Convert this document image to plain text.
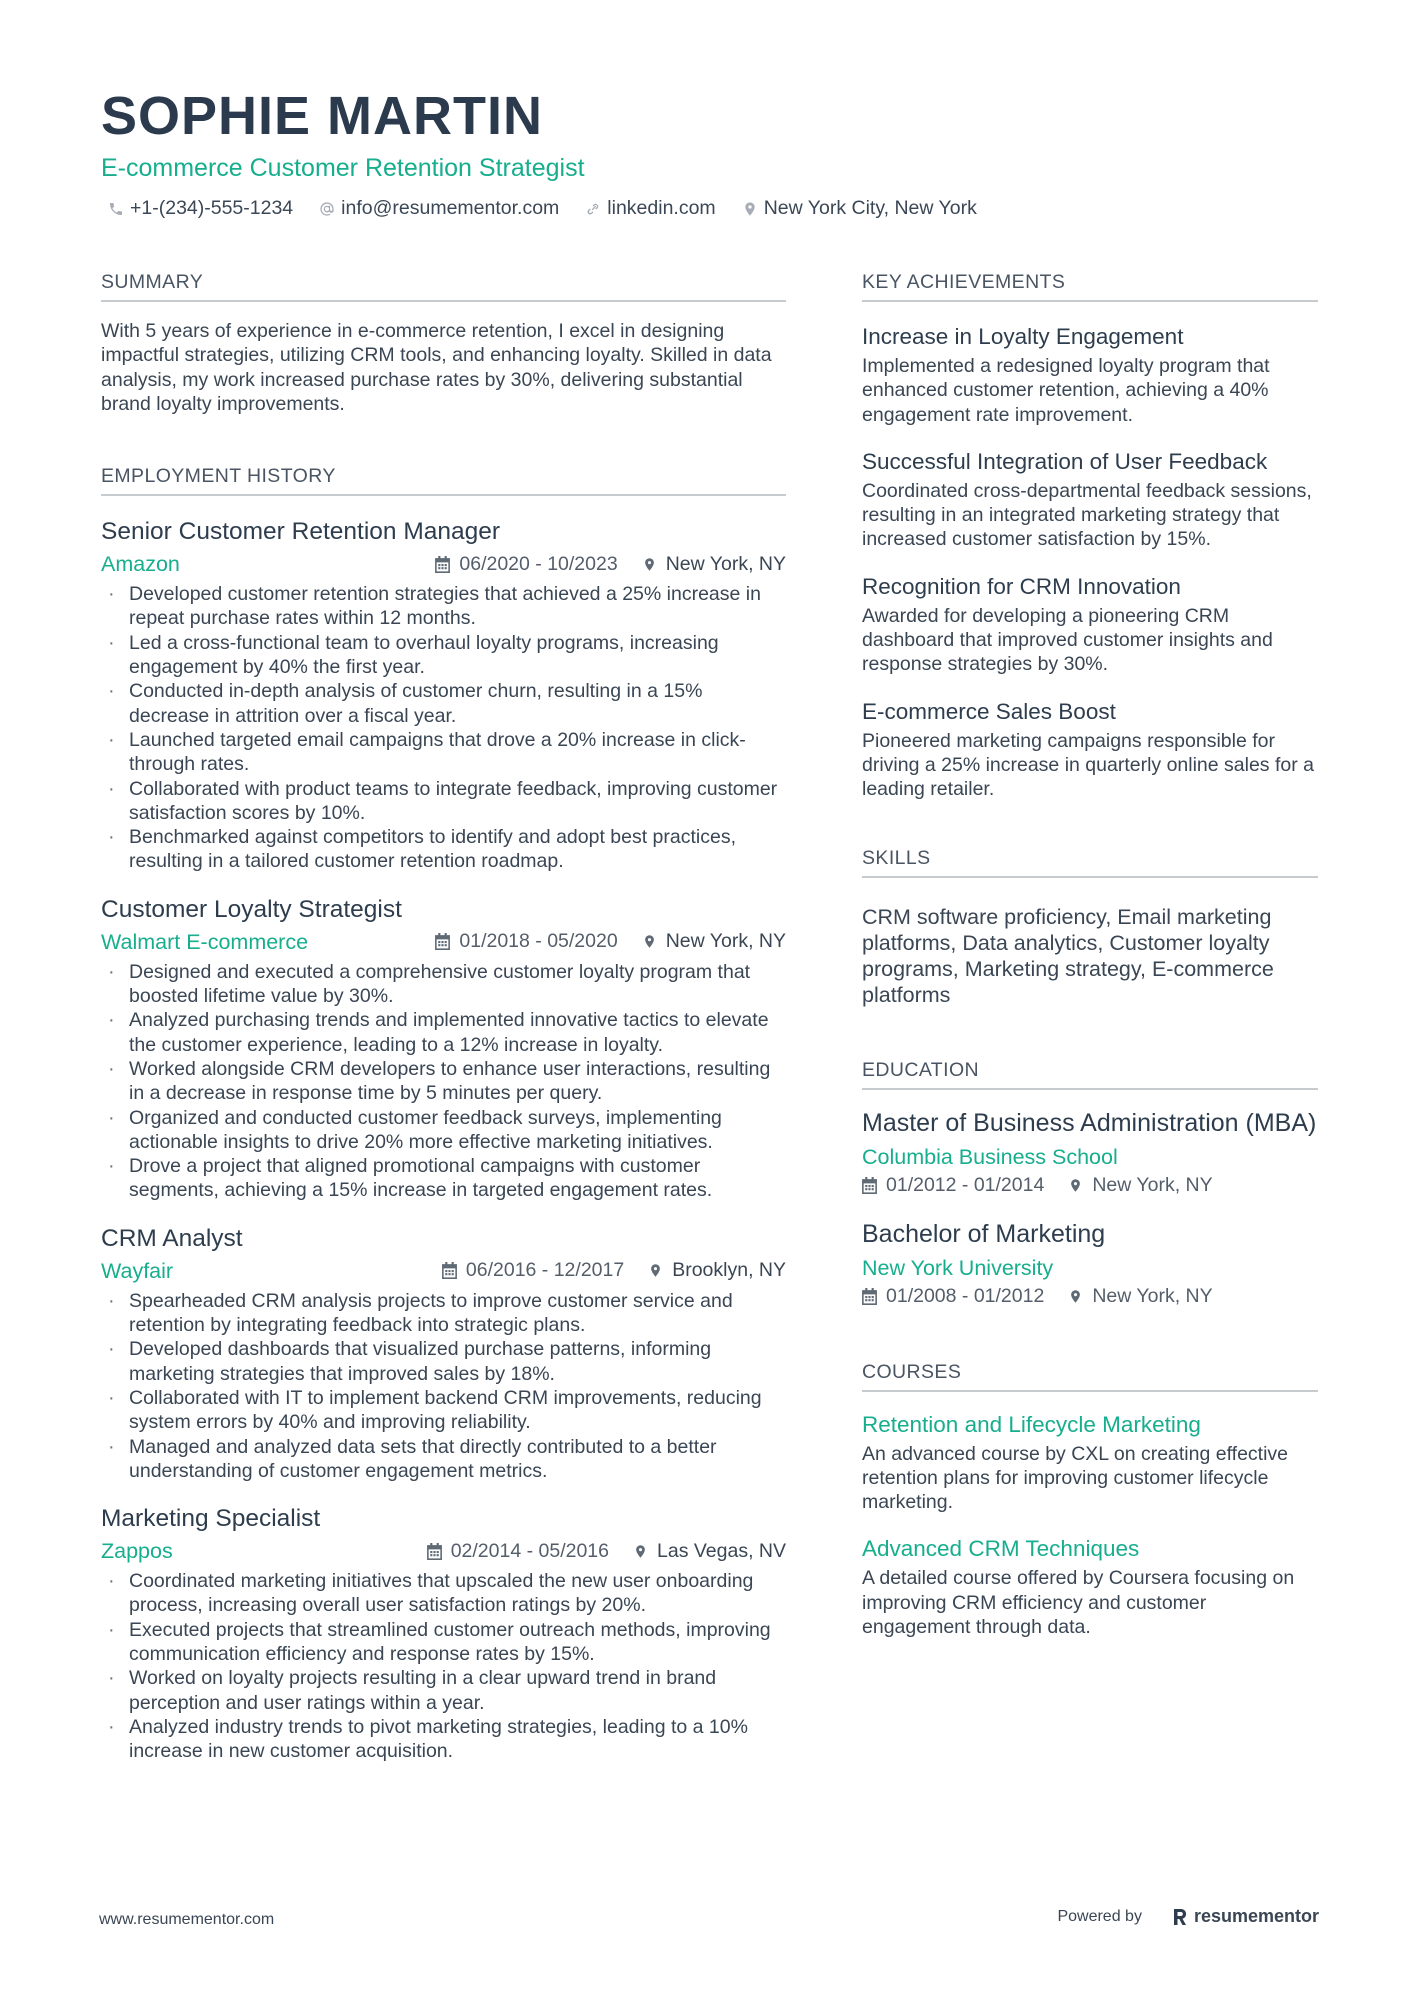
SOPHIE MARTIN
E-commerce Customer Retention Strategist
+1-(234)-555-1234 info@resumementor.com linkedin.com New York City, New York
SUMMARY
With 5 years of experience in e-commerce retention, I excel in designing impactful strategies, utilizing CRM tools, and enhancing loyalty. Skilled in data analysis, my work increased purchase rates by 30%, delivering substantial brand loyalty improvements.
EMPLOYMENT HISTORY
Senior Customer Retention Manager
Amazon	06/2020 - 10/2023 New York, NY
· Developed customer retention strategies that achieved a 25% increase in repeat purchase rates within 12 months.
· Led a cross-functional team to overhaul loyalty programs, increasing engagement by 40% the first year.
· Conducted in-depth analysis of customer churn, resulting in a 15% decrease in attrition over a fiscal year.
· Launched targeted email campaigns that drove a 20% increase in click-through rates.
· Collaborated with product teams to integrate feedback, improving customer satisfaction scores by 10%.
· Benchmarked against competitors to identify and adopt best practices, resulting in a tailored customer retention roadmap.
Customer Loyalty Strategist
Walmart E-commerce	01/2018 - 05/2020 New York, NY
· Designed and executed a comprehensive customer loyalty program that boosted lifetime value by 30%.
· Analyzed purchasing trends and implemented innovative tactics to elevate the customer experience, leading to a 12% increase in loyalty.
· Worked alongside CRM developers to enhance user interactions, resulting in a decrease in response time by 5 minutes per query.
· Organized and conducted customer feedback surveys, implementing actionable insights to drive 20% more effective marketing initiatives.
· Drove a project that aligned promotional campaigns with customer segments, achieving a 15% increase in targeted engagement rates.
CRM Analyst
Wayfair	06/2016 - 12/2017 Brooklyn, NY
· Spearheaded CRM analysis projects to improve customer service and retention by integrating feedback into strategic plans.
· Developed dashboards that visualized purchase patterns, informing marketing strategies that improved sales by 18%.
· Collaborated with IT to implement backend CRM improvements, reducing system errors by 40% and improving reliability.
· Managed and analyzed data sets that directly contributed to a better understanding of customer engagement metrics.
Marketing Specialist
Zappos	02/2014 - 05/2016 Las Vegas, NV
· Coordinated marketing initiatives that upscaled the new user onboarding process, increasing overall user satisfaction ratings by 20%.
· Executed projects that streamlined customer outreach methods, improving communication efficiency and response rates by 15%.
· Worked on loyalty projects resulting in a clear upward trend in brand perception and user ratings within a year.
· Analyzed industry trends to pivot marketing strategies, leading to a 10% increase in new customer acquisition.
KEY ACHIEVEMENTS
Increase in Loyalty Engagement
Implemented a redesigned loyalty program that enhanced customer retention, achieving a 40% engagement rate improvement.
Successful Integration of User Feedback
Coordinated cross-departmental feedback sessions, resulting in an integrated marketing strategy that increased customer satisfaction by 15%.
Recognition for CRM Innovation
Awarded for developing a pioneering CRM dashboard that improved customer insights and response strategies by 30%.
E-commerce Sales Boost
Pioneered marketing campaigns responsible for driving a 25% increase in quarterly online sales for a leading retailer.
SKILLS
CRM software proficiency, Email marketing platforms, Data analytics, Customer loyalty programs, Marketing strategy, E-commerce platforms
EDUCATION
Master of Business Administration (MBA)
Columbia Business School
01/2012 - 01/2014 New York, NY
Bachelor of Marketing
New York University
01/2008 - 01/2012 New York, NY
COURSES
Retention and Lifecycle Marketing
An advanced course by CXL on creating effective retention plans for improving customer lifecycle marketing.
Advanced CRM Techniques
A detailed course offered by Coursera focusing on improving CRM efficiency and customer engagement through data.
www.resumementor.com	Powered by	resumementor
